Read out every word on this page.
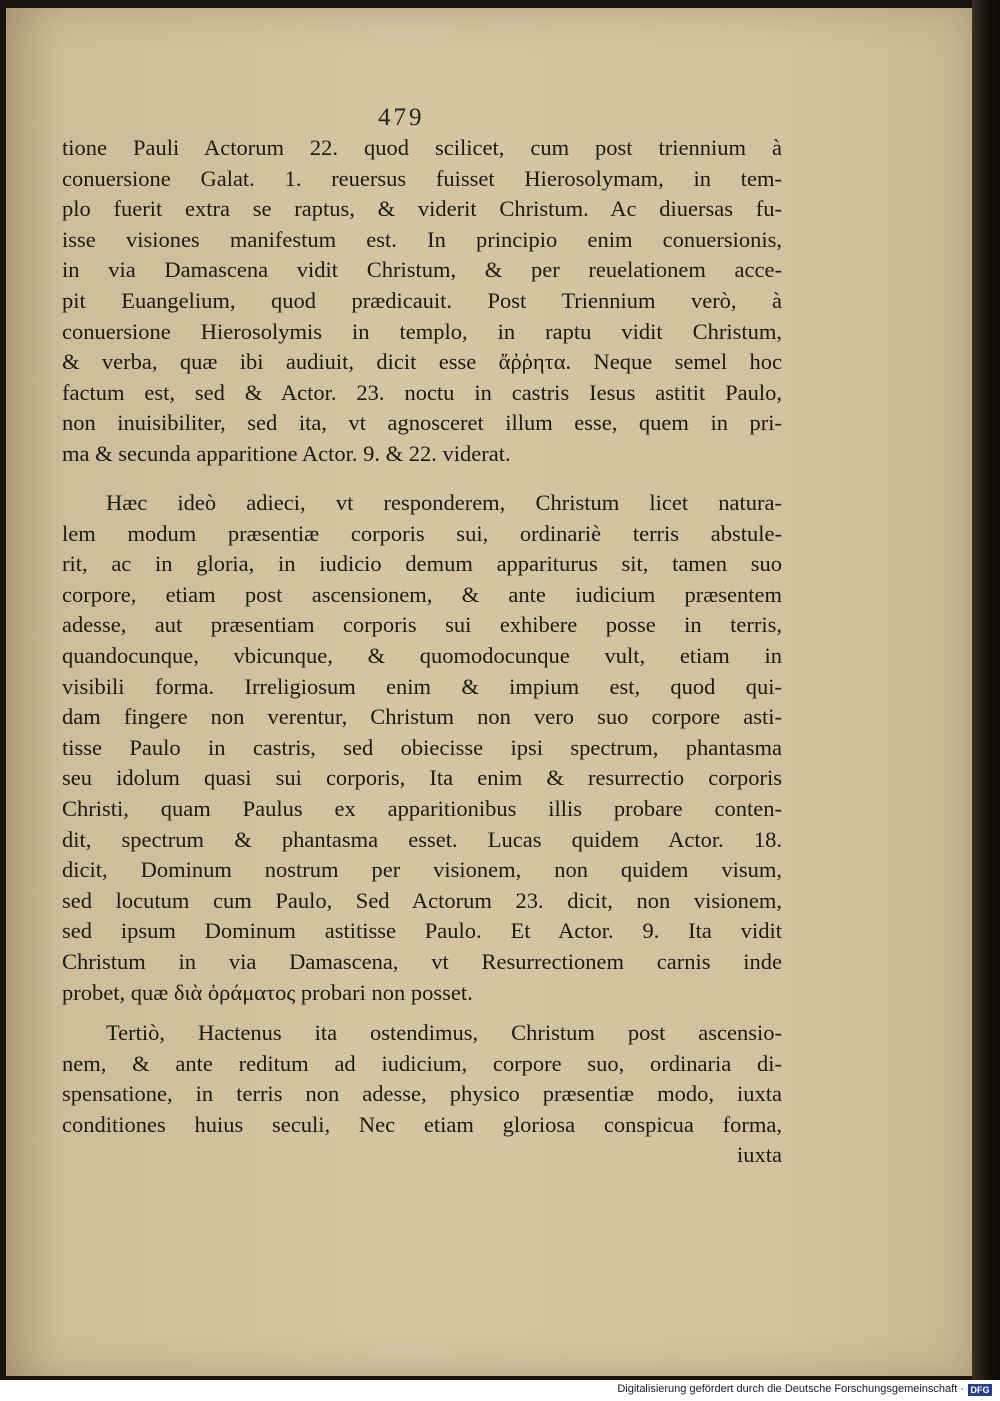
479
tione Pauli Actorum 22. quod scilicet, cum post triennium à
conuersione Galat. 1. reuersus fuisset Hierosolymam, in tem-
plo fuerit extra se raptus, & viderit Christum. Ac diuersas fu-
isse visiones manifestum est. In principio enim conuersionis,
in via Damascena vidit Christum, & per reuelationem acce-
pit Euangelium, quod prædicauit. Post Triennium verò, à
conuersione Hierosolymis in templo, in raptu vidit Christum,
& verba, quæ ibi audiuit, dicit esse ἄῤῥητα. Neque semel hoc
factum est, sed & Actor. 23. noctu in castris Iesus astitit Paulo,
non inuisibiliter, sed ita, vt agnosceret illum esse, quem in pri-
ma & secunda apparitione Actor. 9. & 22. viderat.
Hæc ideò adieci, vt responderem, Christum licet natura-
lem modum præsentiæ corporis sui, ordinariè terris abstule-
rit, ac in gloria, in iudicio demum appariturus sit, tamen suo
corpore, etiam post ascensionem, & ante iudicium præsentem
adesse, aut præsentiam corporis sui exhibere posse in terris,
quandocunque, vbicunque, & quomodocunque vult, etiam in
visibili forma. Irreligiosum enim & impium est, quod qui-
dam fingere non verentur, Christum non vero suo corpore asti-
tisse Paulo in castris, sed obiecisse ipsi spectrum, phantasma
seu idolum quasi sui corporis, Ita enim & resurrectio corporis
Christi, quam Paulus ex apparitionibus illis probare conten-
dit, spectrum & phantasma esset. Lucas quidem Actor. 18.
dicit, Dominum nostrum per visionem, non quidem visum,
sed locutum cum Paulo, Sed Actorum 23. dicit, non visionem,
sed ipsum Dominum astitisse Paulo. Et Actor. 9. Ita vidit
Christum in via Damascena, vt Resurrectionem carnis inde
probet, quæ διὰ ὁράματος probari non posset.
Tertiò, Hactenus ita ostendimus, Christum post ascensio-
nem, & ante reditum ad iudicium, corpore suo, ordinaria di-
spensatione, in terris non adesse, physico præsentiæ modo, iuxta
conditiones huius seculi, Nec etiam gloriosa conspicua forma,
iuxta
Digitalisierung gefördert durch die Deutsche Forschungsgemeinschaft · DFG
